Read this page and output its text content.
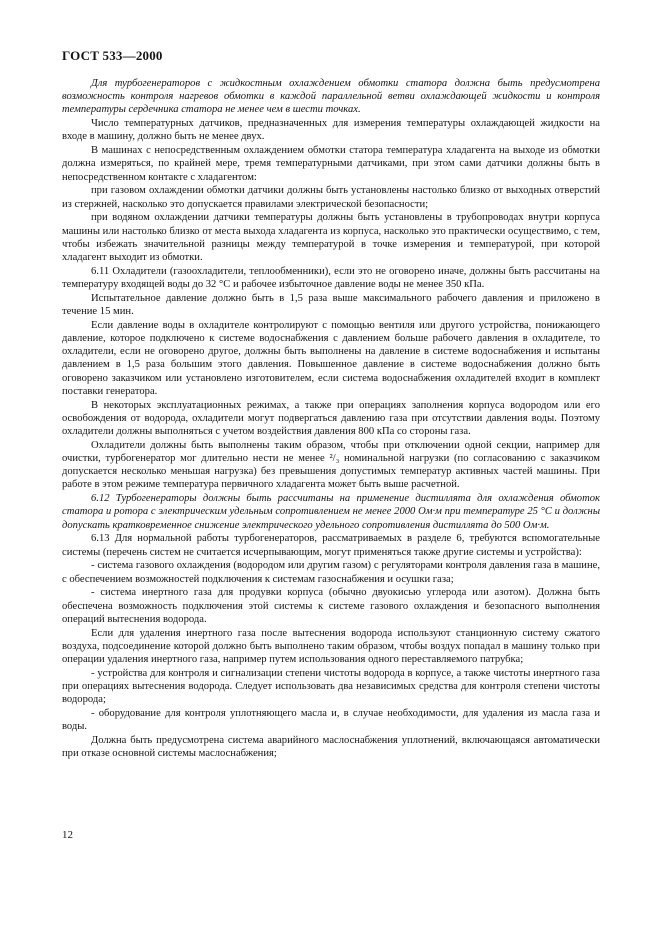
ГОСТ 533—2000

Для турбогенераторов с жидкостным охлаждением обмотки статора должна быть предусмотрена возможность контроля нагревов обмотки в каждой параллельной ветви охлаждающей жидкости и контроля температуры сердечника статора не менее чем в шести точках.

Число температурных датчиков, предназначенных для измерения температуры охлаждающей жидкости на входе в машину, должно быть не менее двух.

В машинах с непосредственным охлаждением обмотки статора температура хладагента на выходе из обмотки должна измеряться, по крайней мере, тремя температурными датчиками, при этом сами датчики должны быть в непосредственном контакте с хладагентом:

при газовом охлаждении обмотки датчики должны быть установлены настолько близко от выходных отверстий из стержней, насколько это допускается правилами электрической безопасности;

при водяном охлаждении датчики температуры должны быть установлены в трубопроводах внутри корпуса машины или настолько близко от места выхода хладагента из корпуса, насколько это практически осуществимо, с тем, чтобы избежать значительной разницы между температурой в точке измерения и температурой, при которой хладагент выходит из обмотки.

6.11 Охладители (газоохладители, теплообменники), если это не оговорено иначе, должны быть рассчитаны на температуру входящей воды до 32 °С и рабочее избыточное давление воды не менее 350 кПа.

Испытательное давление должно быть в 1,5 раза выше максимального рабочего давления и приложено в течение 15 мин.

Если давление воды в охладителе контролируют с помощью вентиля или другого устройства, понижающего давление, которое подключено к системе водоснабжения с давлением больше рабочего давления в охладителе, то охладители, если не оговорено другое, должны быть выполнены на давление в системе водоснабжения и испытаны давлением в 1,5 раза большим этого давления. Повышенное давление в системе водоснабжения должно быть оговорено заказчиком или установлено изготовителем, если система водоснабжения охладителей входит в комплект поставки генератора.

В некоторых эксплуатационных режимах, а также при операциях заполнения корпуса водородом или его освобождения от водорода, охладители могут подвергаться давлению газа при отсутствии давления воды. Поэтому охладители должны выполняться с учетом воздействия давления 800 кПа со стороны газа.

Охладители должны быть выполнены таким образом, чтобы при отключении одной секции, например для очистки, турбогенератор мог длительно нести не менее ²/₃ номинальной нагрузки (по согласованию с заказчиком допускается несколько меньшая нагрузка) без превышения допустимых температур активных частей машины. При работе в этом режиме температура первичного хладагента может быть выше расчетной.

6.12 Турбогенераторы должны быть рассчитаны на применение дистиллята для охлаждения обмоток статора и ротора с электрическим удельным сопротивлением не менее 2000 Ом·м при температуре 25 °С и должны допускать кратковременное снижение электрического удельного сопротивления дистиллята до 500 Ом·м.

6.13 Для нормальной работы турбогенераторов, рассматриваемых в разделе 6, требуются вспомогательные системы (перечень систем не считается исчерпывающим, могут применяться также другие системы и устройства):

- система газового охлаждения (водородом или другим газом) с регуляторами контроля давления газа в машине, с обеспечением возможностей подключения к системам газоснабжения и осушки газа;

- система инертного газа для продувки корпуса (обычно двуокисью углерода или азотом). Должна быть обеспечена возможность подключения этой системы к системе газового охлаждения и безопасного выполнения операций вытеснения водорода.

Если для удаления инертного газа после вытеснения водорода используют станционную систему сжатого воздуха, подсоединение которой должно быть выполнено таким образом, чтобы воздух попадал в машину только при операции удаления инертного газа, например путем использования одного переставляемого патрубка;

- устройства для контроля и сигнализации степени чистоты водорода в корпусе, а также чистоты инертного газа при операциях вытеснения водорода. Следует использовать два независимых средства для контроля степени чистоты водорода;

- оборудование для контроля уплотняющего масла и, в случае необходимости, для удаления из масла газа и воды.

Должна быть предусмотрена система аварийного маслоснабжения уплотнений, включающаяся автоматически при отказе основной системы маслоснабжения;

12
